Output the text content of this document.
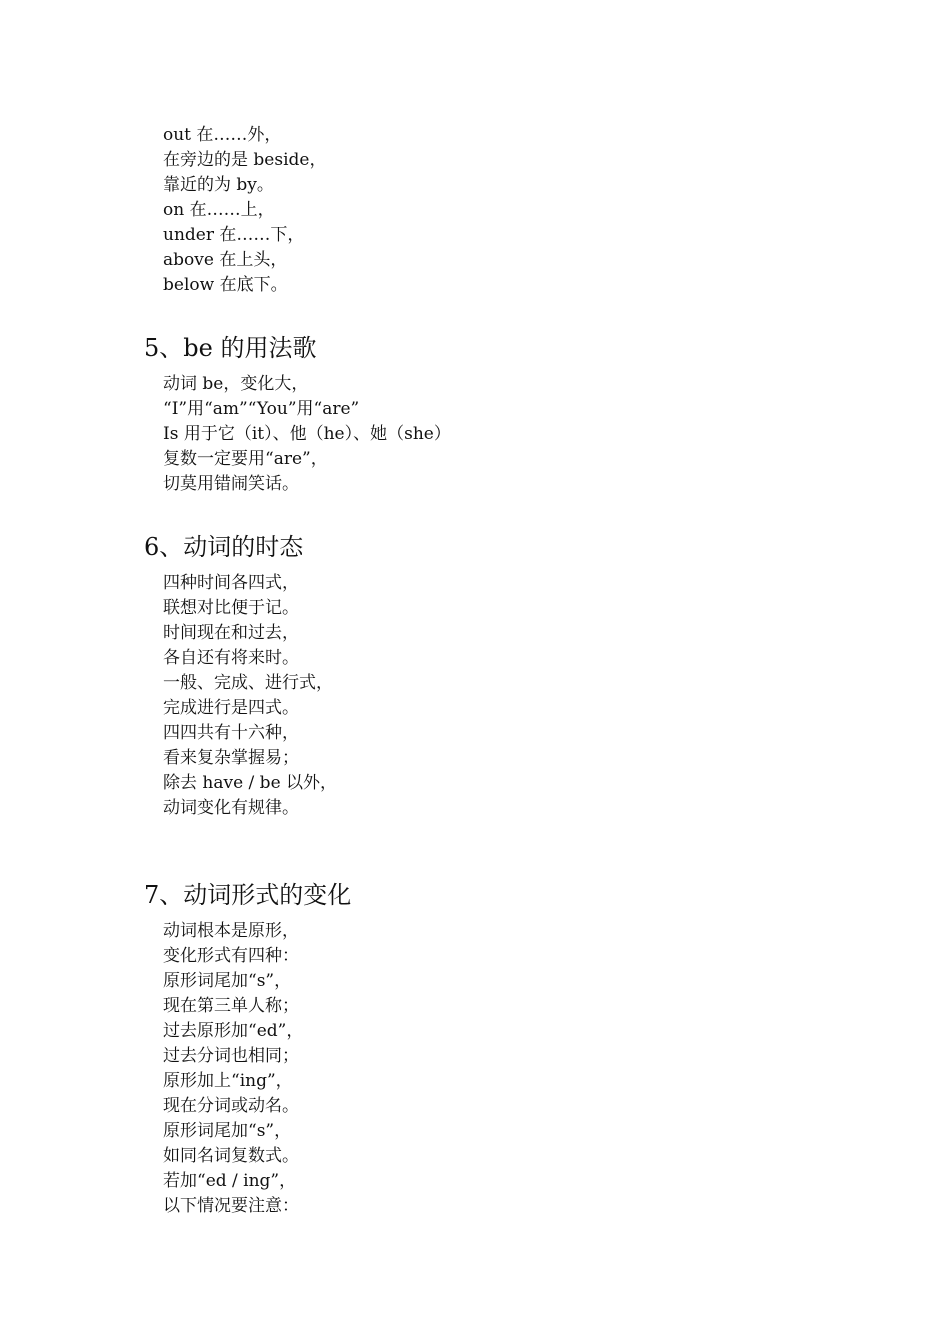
out 在……外，
在旁边的是 beside，
靠近的为 by。
on 在……上，
under 在……下，
above 在上头，
below 在底下。
5、be 的用法歌
动词 be，变化大，
“I”用“am”“You”用“are”
Is 用于它（it）、他（he）、她（she）
复数一定要用“are”，
切莫用错闹笑话。
6、动词的时态
四种时间各四式，
联想对比便于记。
时间现在和过去，
各自还有将来时。
一般、完成、进行式，
完成进行是四式。
四四共有十六种，
看来复杂掌握易；
除去 have / be 以外，
动词变化有规律。
7、动词形式的变化
动词根本是原形，
变化形式有四种：
原形词尾加“s”，
现在第三单人称；
过去原形加“ed”，
过去分词也相同；
原形加上“ing”，
现在分词或动名。
原形词尾加“s”，
如同名词复数式。
若加“ed / ing”，
以下情况要注意：
